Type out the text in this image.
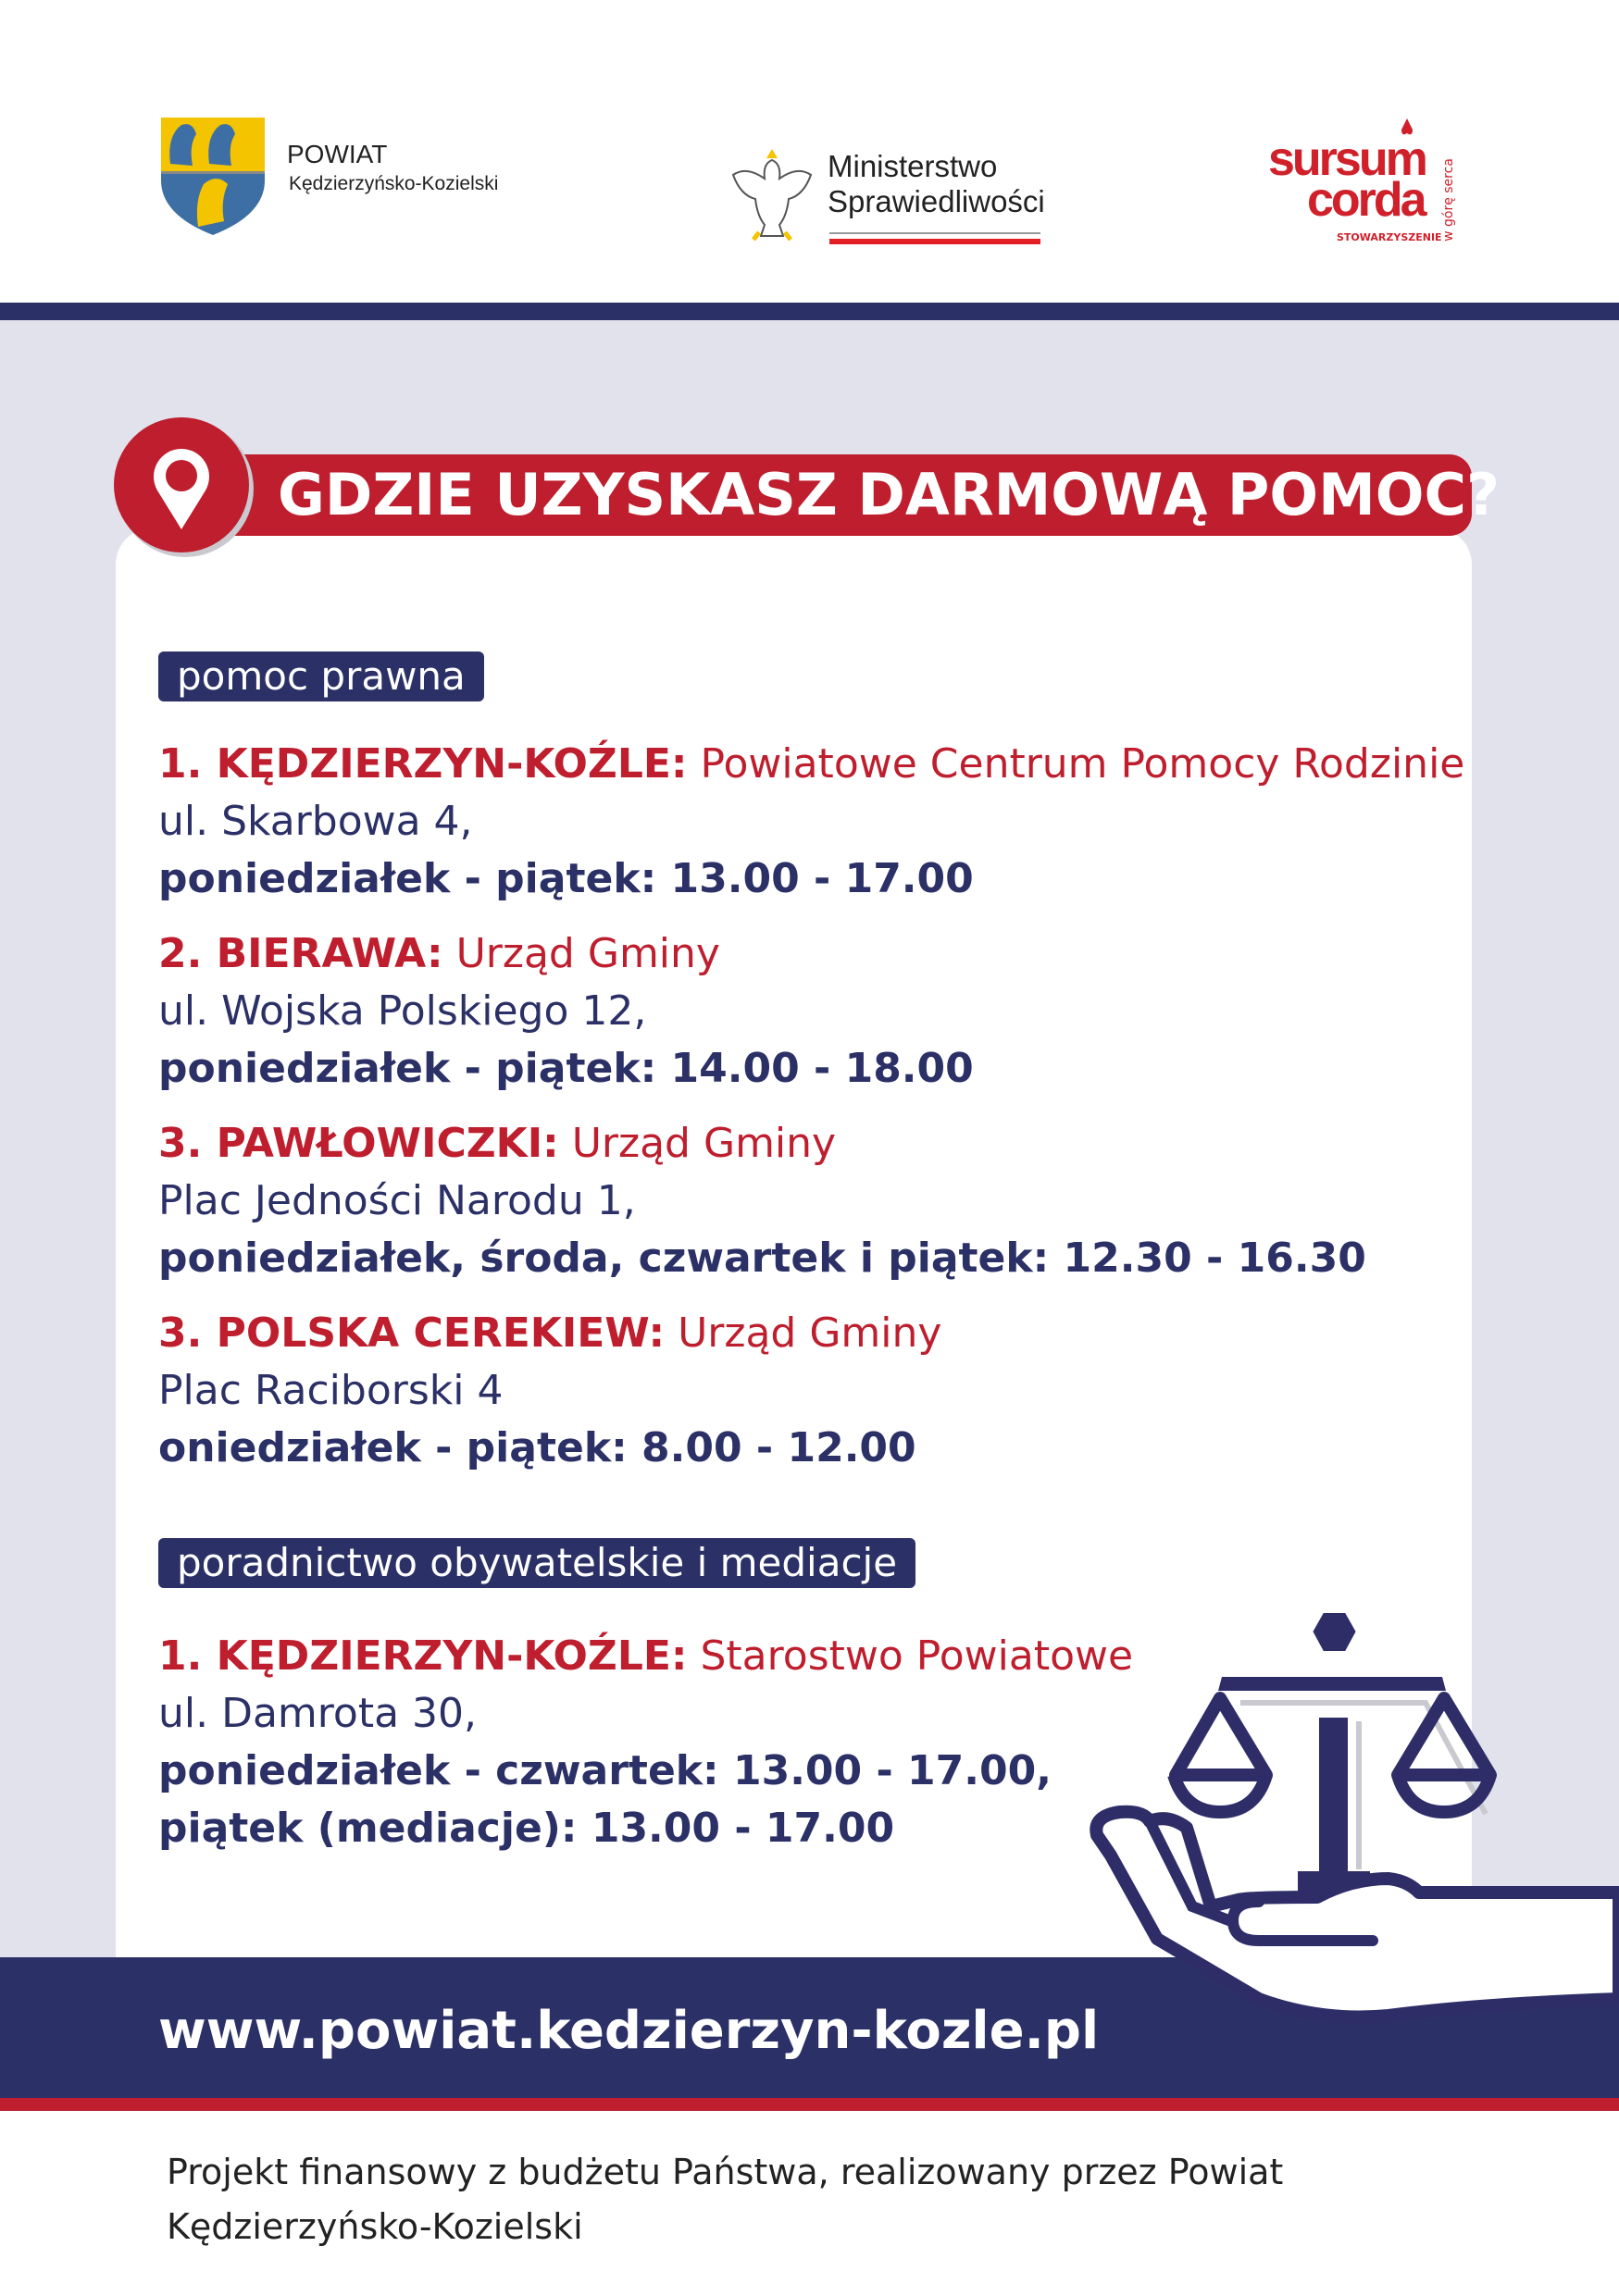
POWIAT
Kędzierzyńsko-Kozielski
Ministerstwo
Sprawiedliwości
sursum
corda
STOWARZYSZENIE w górę serca
GDZIE UZYSKASZ DARMOWĄ POMOC?
pomoc prawna
1. KĘDZIERZYN-KOŹLE: Powiatowe Centrum Pomocy Rodzinie
ul. Skarbowa 4,
poniedziałek - piątek: 13.00 - 17.00
2. BIERAWA: Urząd Gminy
ul. Wojska Polskiego 12,
poniedziałek - piątek: 14.00 - 18.00
3. PAWŁOWICZKI: Urząd Gminy
Plac Jedności Narodu 1,
poniedziałek, środa, czwartek i piątek: 12.30 - 16.30
3. POLSKA CEREKIEW: Urząd Gminy
Plac Raciborski 4
oniedziałek - piątek: 8.00 - 12.00
poradnictwo obywatelskie i mediacje
1. KĘDZIERZYN-KOŹLE: Starostwo Powiatowe
ul. Damrota 30,
poniedziałek - czwartek: 13.00 - 17.00,
piątek (mediacje): 13.00 - 17.00
www.powiat.kedzierzyn-kozle.pl
Projekt finansowy z budżetu Państwa, realizowany przez Powiat Kędzierzyńsko-Kozielski
